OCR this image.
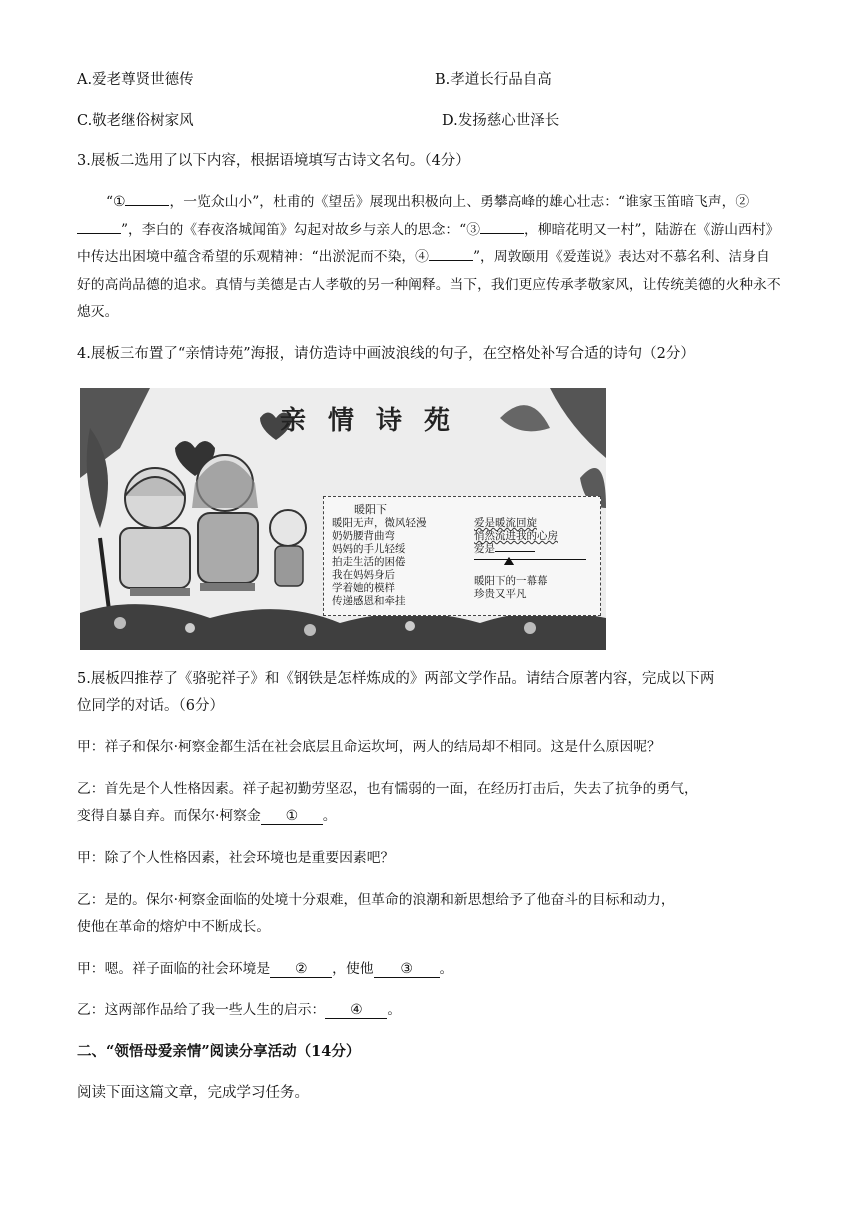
A.爱老尊贤世德传	B.孝道长行品自高
C.敬老继俗树家风	D.发扬慈心世泽长
3.展板二选用了以下内容，根据语境填写古诗文名句。（4分）
“①	，一览众山小”，杜甫的《望岳》展现出积极向上、勇攀高峰的雄心壮志：“谁家玉笛暗飞声，②”，李白的《春夜洛城闻笛》勾起对故乡与亲人的思念：“③	，柳暗花明又一村”，陆游在《游山西村》中传达出困境中蕴含希望的乐观精神：“出淤泥而不染，④	”，周敦颐用《爱莲说》表达对不慕名利、洁身自好的高尚品德的追求。真情与美德是古人孝敬的另一种阐释。当下，我们更应传承孝敬家风，让传统美德的火种永不熄灭。
4.展板三布置了“亲情诗苑”海报，请仿造诗中画波浪线的句子，在空格处补写合适的诗句（2分）
亲情诗苑
暖阳下
暖阳无声，微风轻漫
奶奶腰背曲弯
妈妈的手儿轻绥
拍走生活的困倦
我在妈妈身后
学着她的模样
传递感恩和牵挂
爱是暖流回旋
悄然流进我的心房
爱是
暖阳下的一幕幕
珍贵又平凡
5.展板四推荐了《骆驼祥子》和《钢铁是怎样炼成的》两部文学作品。请结合原著内容，完成以下两
位同学的对话。（6分）
甲：祥子和保尔·柯察金都生活在社会底层且命运坎坷，两人的结局却不相同。这是什么原因呢？
乙：首先是个人性格因素。祥子起初勤劳坚忍，也有懦弱的一面，在经历打击后，失去了抗争的勇气，
变得自暴自弃。而保尔·柯察金 ① 。
甲：除了个人性格因素，社会环境也是重要因素吧？
乙：是的。保尔·柯察金面临的处境十分艰难，但革命的浪潮和新思想给予了他奋斗的目标和动力，
使他在革命的熔炉中不断成长。
甲：嗯。祥子面临的社会环境是 ② ，使他 ③ 。
乙：这两部作品给了我一些人生的启示： ④ 。
二、“领悟母爱亲情”阅读分享活动（14分）
阅读下面这篇文章，完成学习任务。
